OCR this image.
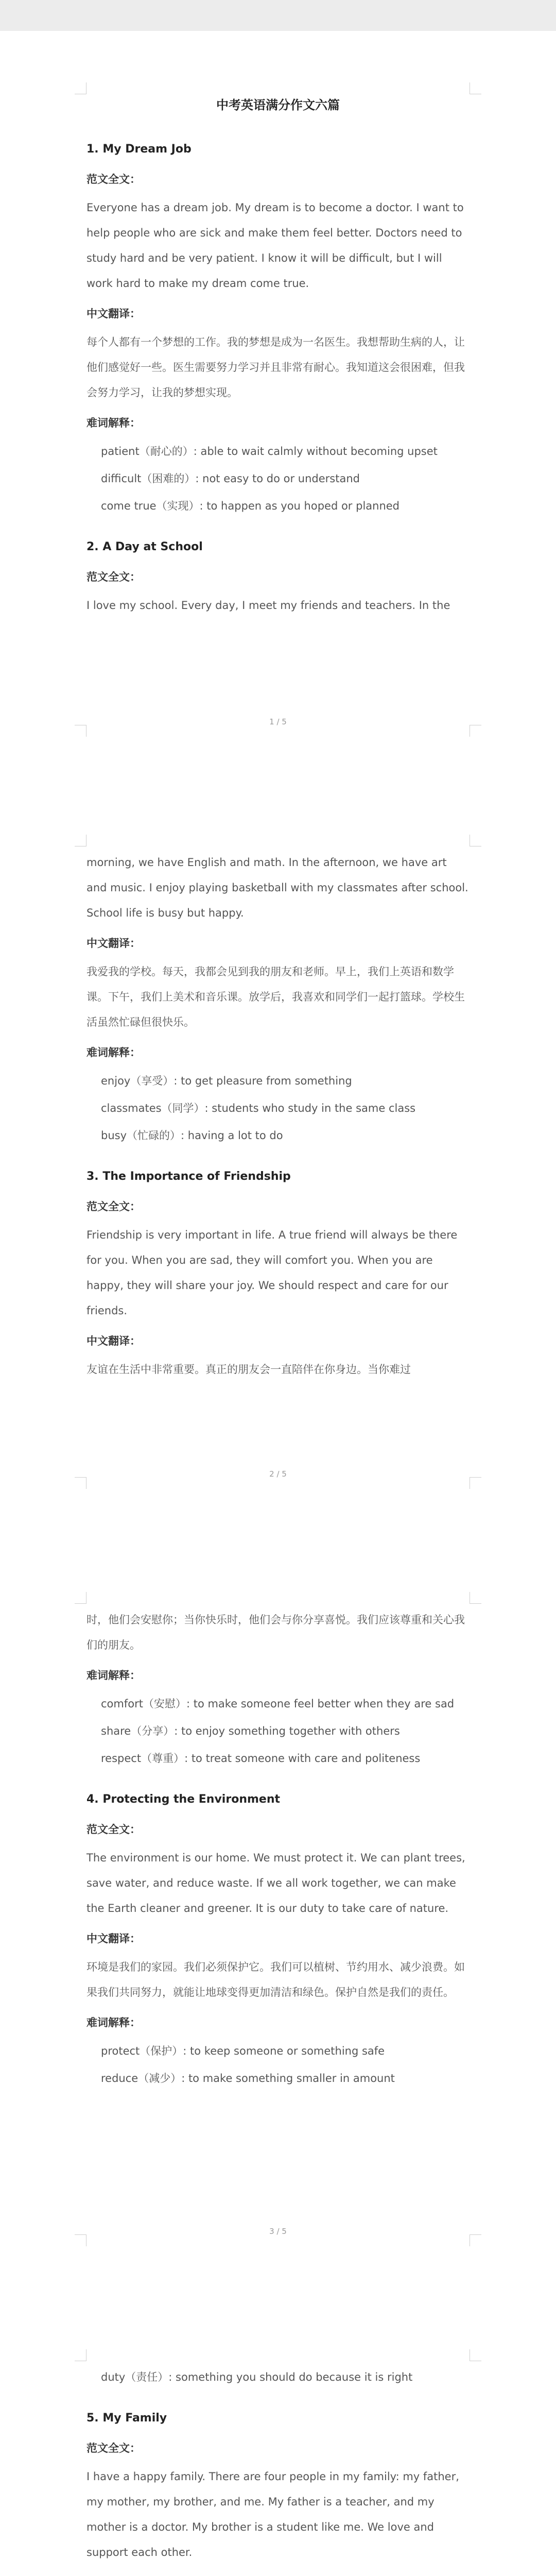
中考英语满分作文六篇
1. My Dream Job
范文全文：
Everyone has a dream job. My dream is to become a doctor. I want to help people who are sick and make them feel better. Doctors need to study hard and be very patient. I know it will be difficult, but I will work hard to make my dream come true.
中文翻译：
每个人都有一个梦想的工作。我的梦想是成为一名医生。我想帮助生病的人，让他们感觉好一些。医生需要努力学习并且非常有耐心。我知道这会很困难，但我会努力学习，让我的梦想实现。
难词解释：
patient（耐心的）: able to wait calmly without becoming upset
difficult（困难的）: not easy to do or understand
come true（实现）: to happen as you hoped or planned
2. A Day at School
范文全文：
I love my school. Every day, I meet my friends and teachers. In the
1 / 5
morning, we have English and math. In the afternoon, we have art and music. I enjoy playing basketball with my classmates after school. School life is busy but happy.
中文翻译：
我爱我的学校。每天，我都会见到我的朋友和老师。早上，我们上英语和数学课。下午，我们上美术和音乐课。放学后，我喜欢和同学们一起打篮球。学校生活虽然忙碌但很快乐。
难词解释：
enjoy（享受）: to get pleasure from something
classmates（同学）: students who study in the same class
busy（忙碌的）: having a lot to do
3. The Importance of Friendship
范文全文：
Friendship is very important in life. A true friend will always be there for you. When you are sad, they will comfort you. When you are happy, they will share your joy. We should respect and care for our friends.
中文翻译：
友谊在生活中非常重要。真正的朋友会一直陪伴在你身边。当你难过
2 / 5
时，他们会安慰你；当你快乐时，他们会与你分享喜悦。我们应该尊重和关心我们的朋友。
难词解释：
comfort（安慰）: to make someone feel better when they are sad
share（分享）: to enjoy something together with others
respect（尊重）: to treat someone with care and politeness
4. Protecting the Environment
范文全文：
The environment is our home. We must protect it. We can plant trees, save water, and reduce waste. If we all work together, we can make the Earth cleaner and greener. It is our duty to take care of nature.
中文翻译：
环境是我们的家园。我们必须保护它。我们可以植树、节约用水、减少浪费。如果我们共同努力，就能让地球变得更加清洁和绿色。保护自然是我们的责任。
难词解释：
protect（保护）: to keep someone or something safe
reduce（减少）: to make something smaller in amount
3 / 5
duty（责任）: something you should do because it is right
5. My Family
范文全文：
I have a happy family. There are four people in my family: my father, my mother, my brother, and me. My father is a teacher, and my mother is a doctor. My brother is a student like me. We love and support each other.
